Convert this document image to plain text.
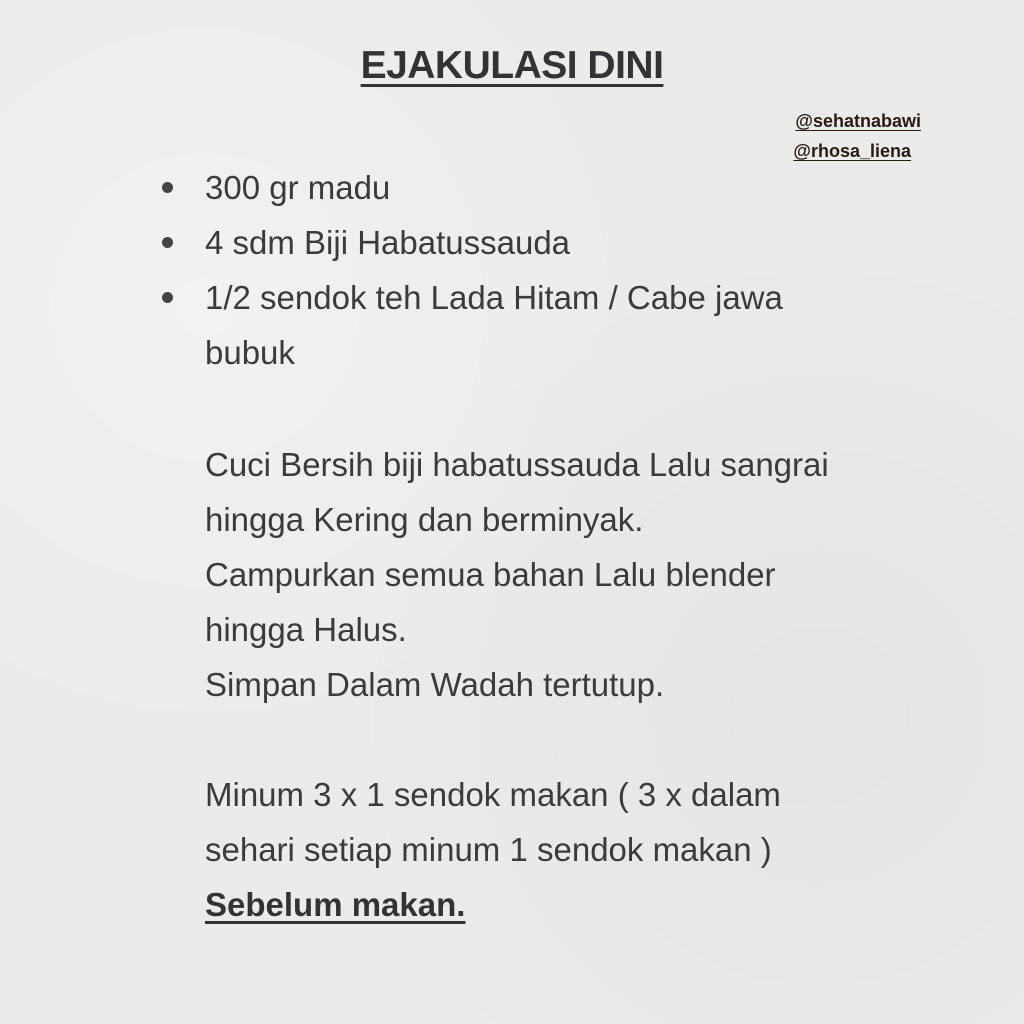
EJAKULASI DINI
@sehatnabawi
@rhosa_liena
300 gr madu
4 sdm Biji Habatussauda
1/2 sendok teh Lada Hitam / Cabe jawa
bubuk
Cuci Bersih biji habatussauda Lalu sangrai
hingga Kering dan berminyak.
Campurkan semua bahan Lalu blender
hingga Halus.
Simpan Dalam Wadah tertutup.
Minum 3 x 1 sendok makan ( 3 x dalam
sehari setiap minum 1 sendok makan )
Sebelum makan.
